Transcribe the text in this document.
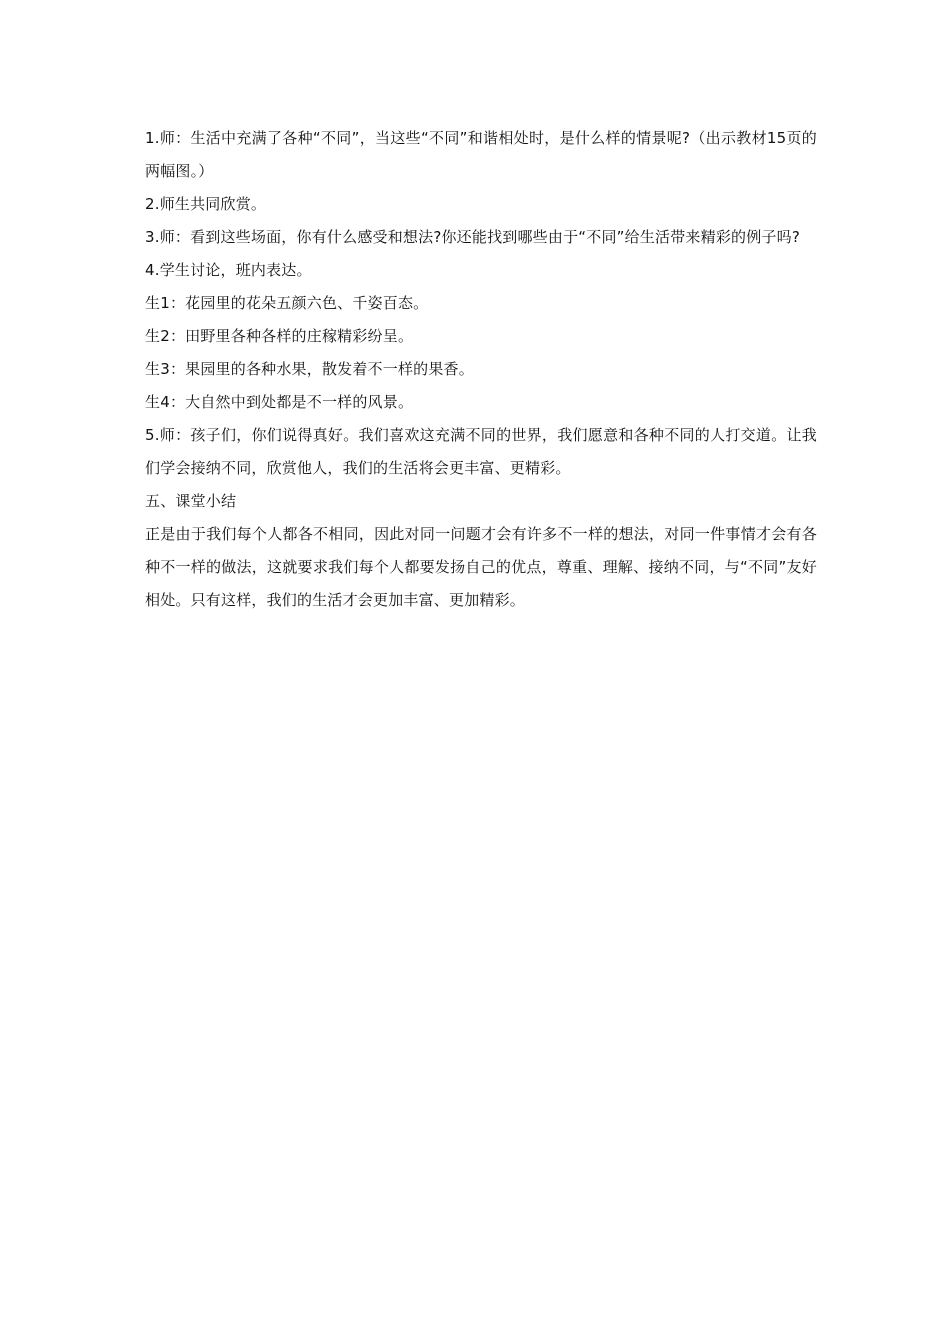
1.师：生活中充满了各种“不同”，当这些“不同”和谐相处时，是什么样的情景呢?（出示教材15页的两幅图。）

2.师生共同欣赏。

3.师：看到这些场面，你有什么感受和想法?你还能找到哪些由于“不同”给生活带来精彩的例子吗?

4.学生讨论，班内表达。

生1：花园里的花朵五颜六色、千姿百态。

生2：田野里各种各样的庄稼精彩纷呈。

生3：果园里的各种水果，散发着不一样的果香。

生4：大自然中到处都是不一样的风景。

5.师：孩子们，你们说得真好。我们喜欢这充满不同的世界，我们愿意和各种不同的人打交道。让我们学会接纳不同，欣赏他人，我们的生活将会更丰富、更精彩。

五、课堂小结

正是由于我们每个人都各不相同，因此对同一问题才会有许多不一样的想法，对同一件事情才会有各种不一样的做法，这就要求我们每个人都要发扬自己的优点，尊重、理解、接纳不同，与“不同”友好相处。只有这样，我们的生活才会更加丰富、更加精彩。
